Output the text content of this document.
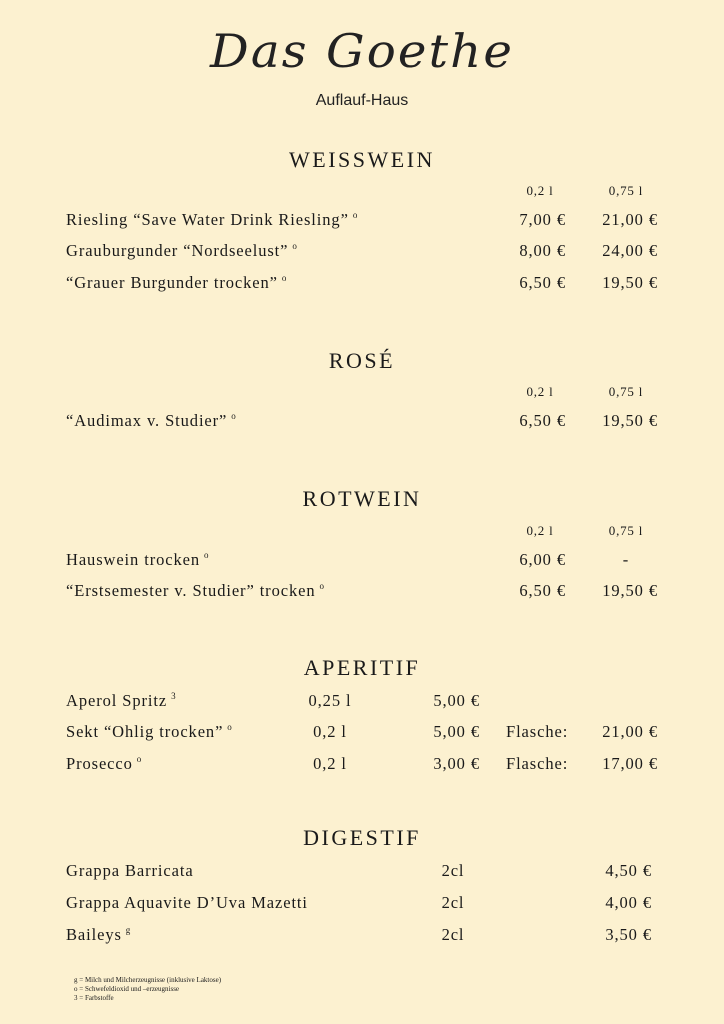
Das Goethe
Auflauf-Haus
WEISSWEIN
0,2 l	0,75 l
Riesling “Save Water Drink Riesling” $^o$	7,00 € 21,00 €
Grauburgunder “Nordseelust” $^o$	8,00 € 24,00 €
“Grauer Burgunder trocken” $^o$	6,50 € 19,50 €
ROSÉ
0,2 l	0,75 l
“Audimax v. Studier” $^o$	6,50 € 19,50 €
ROTWEIN
0,2 l	0,75 l
Hauswein trocken $^o$	6,00 €	-
“Erstsemester v. Studier” trocken $^o$	6,50 € 19,50 €
APERITIF
Aperol Spritz $^3$	0,25 l	5,00 €
Sekt “Ohlig trocken” $^o$	0,2 l	5,00 € Flasche: 21,00 €
Prosecco $^o$	0,2 l	3,00 € Flasche: 17,00 €
DIGESTIF
Grappa Barricata	2cl	4,50 €
Grappa Aquavite D’Uva Mazetti	2cl	4,00 €
Baileys $^g$	2cl	3,50 €
g = Milch und Milcherzeugnisse (inklusive Laktose)
o = Schwefeldioxid und –erzeugnisse
3 = Farbstoffe
